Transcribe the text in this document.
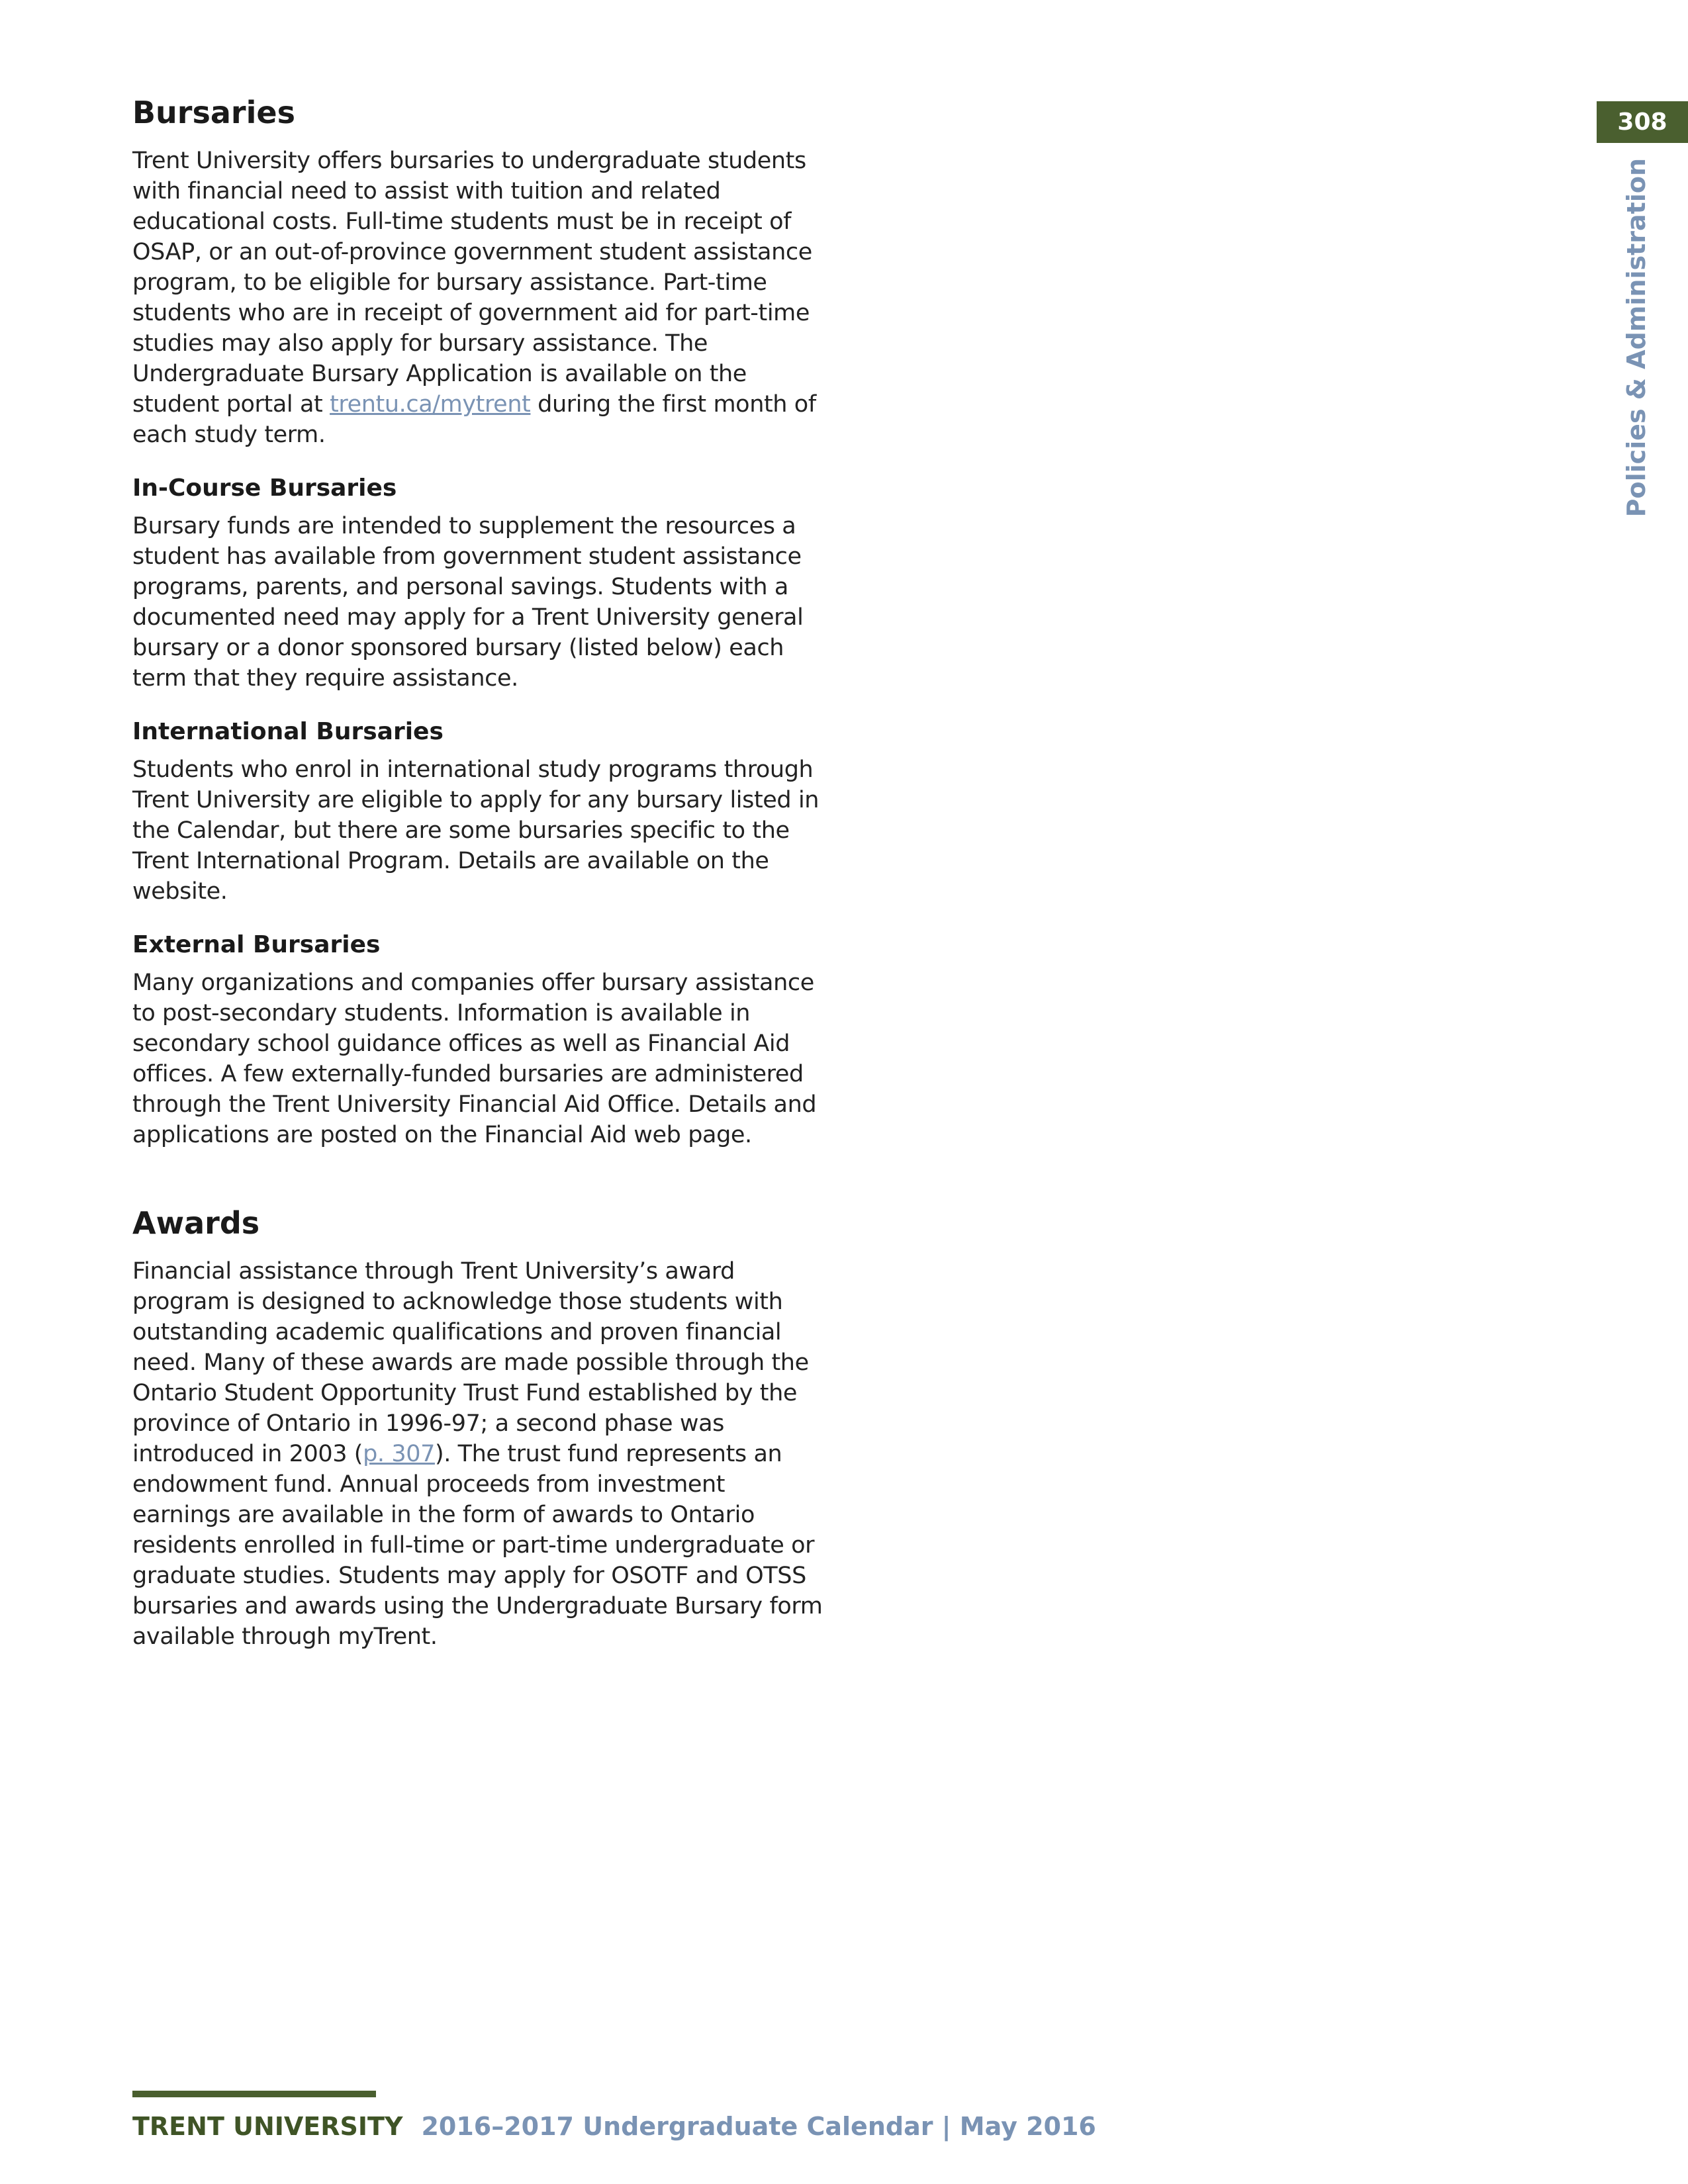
308
Policies & Administration
Bursaries

Trent University offers bursaries to undergraduate students with financial need to assist with tuition and related educational costs. Full-time students must be in receipt of OSAP, or an out-of-province government student assistance program, to be eligible for bursary assistance. Part-time students who are in receipt of government aid for part-time studies may also apply for bursary assistance. The Undergraduate Bursary Application is available on the student portal at trentu.ca/mytrent during the first month of each study term.

In-Course Bursaries

Bursary funds are intended to supplement the resources a student has available from government student assistance programs, parents, and personal savings. Students with a documented need may apply for a Trent University general bursary or a donor sponsored bursary (listed below) each term that they require assistance.

International Bursaries

Students who enrol in international study programs through Trent University are eligible to apply for any bursary listed in the Calendar, but there are some bursaries specific to the Trent International Program. Details are available on the website.

External Bursaries

Many organizations and companies offer bursary assistance to post-secondary students. Information is available in secondary school guidance offices as well as Financial Aid offices. A few externally-funded bursaries are administered through the Trent University Financial Aid Office. Details and applications are posted on the Financial Aid web page.

Awards

Financial assistance through Trent University’s award program is designed to acknowledge those students with outstanding academic qualifications and proven financial need. Many of these awards are made possible through the Ontario Student Opportunity Trust Fund established by the province of Ontario in 1996-97; a second phase was introduced in 2003 (p. 307). The trust fund represents an endowment fund. Annual proceeds from investment earnings are available in the form of awards to Ontario residents enrolled in full-time or part-time undergraduate or graduate studies. Students may apply for OSOTF and OTSS bursaries and awards using the Undergraduate Bursary form available through myTrent.

TRENT UNIVERSITY 2016–2017 Undergraduate Calendar | May 2016
